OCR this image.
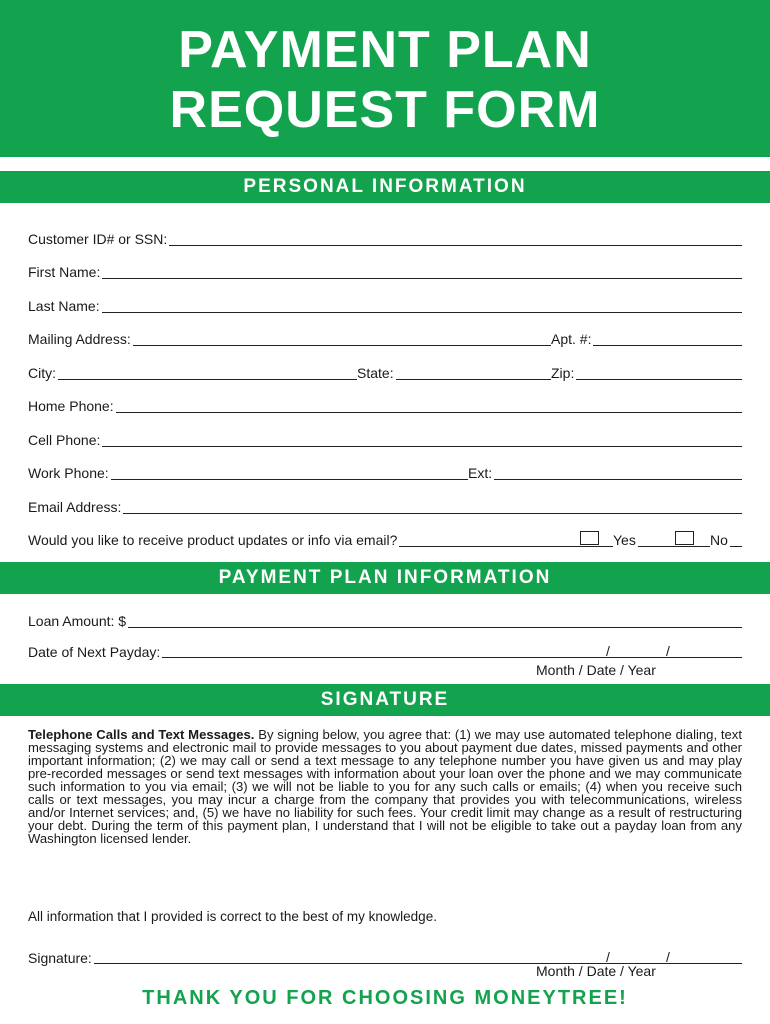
PAYMENT PLAN
REQUEST FORM
PERSONAL INFORMATION
Customer ID# or SSN:
First Name:
Last Name:
Mailing Address:	Apt. #:
City:	State:	Zip:
Home Phone:
Cell Phone:
Work Phone:	Ext:
Email Address:
Would you like to receive product updates or info via email?	Yes	No
PAYMENT PLAN INFORMATION
Loan Amount: $
Date of Next Payday:	/	/
Month / Date / Year
SIGNATURE
Telephone Calls and Text Messages. By signing below, you agree that: (1) we may use automated telephone dialing, text messaging systems and electronic mail to provide messages to you about payment due dates, missed payments and other important information; (2) we may call or send a text message to any telephone number you have given us and may play pre-recorded messages or send text messages with information about your loan over the phone and we may communicate such information to you via email; (3) we will not be liable to you for any such calls or emails; (4) when you receive such calls or text messages, you may incur a charge from the company that provides you with telecommunications, wireless and/or Internet services; and, (5) we have no liability for such fees. Your credit limit may change as a result of restructuring your debt. During the term of this payment plan, I understand that I will not be eligible to take out a payday loan from any Washington licensed lender.
All information that I provided is correct to the best of my knowledge.
Signature:	/	/
Month / Date / Year
THANK YOU FOR CHOOSING MONEYTREE!
